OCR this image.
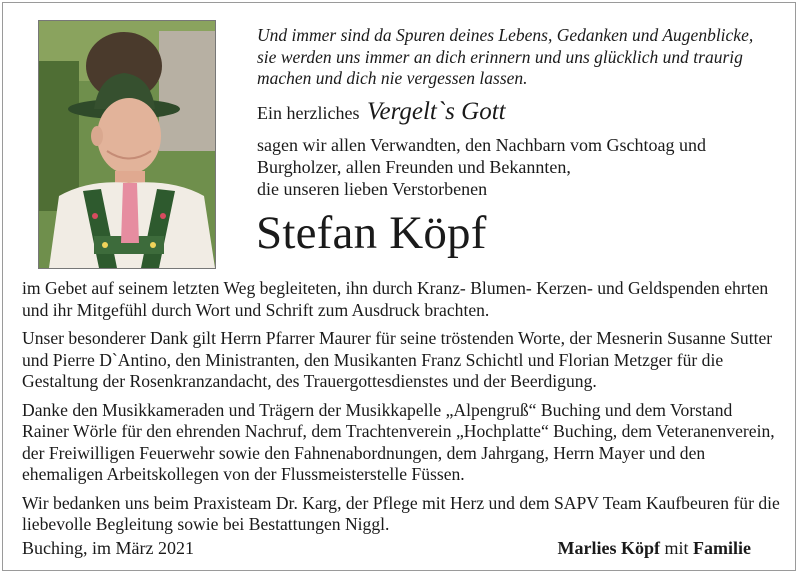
Und immer sind da Spuren deines Lebens, Gedanken und Augenblicke, sie werden uns immer an dich erinnern und uns glücklich und traurig machen und dich nie vergessen lassen.

Ein herzliches Vergelt`s Gott
sagen wir allen Verwandten, den Nachbarn vom Gschtoag und
Burgholzer, allen Freunden und Bekannten,
die unseren lieben Verstorbenen
Stefan Köpf

im Gebet auf seinem letzten Weg begleiteten, ihn durch Kranz- Blumen- Kerzen- und Geldspenden ehrten und ihr Mitgefühl durch Wort und Schrift zum Ausdruck brachten.

Unser besonderer Dank gilt Herrn Pfarrer Maurer für seine tröstenden Worte, der Mesnerin Susanne Sutter und Pierre D`Antino, den Ministranten, den Musikanten Franz Schichtl und Florian Metzger für die Gestaltung der Rosenkranzandacht, des Trauergottesdienstes und der Beerdigung.

Danke den Musikkameraden und Trägern der Musikkapelle „Alpengruß“ Buching und dem Vorstand Rainer Wörle für den ehrenden Nachruf, dem Trachtenverein „Hochplatte“ Buching, dem Veteranenverein, der Freiwilligen Feuerwehr sowie den Fahnenabordnungen, dem Jahrgang, Herrn Mayer und den ehemaligen Arbeitskollegen von der Flussmeisterstelle Füssen.

Wir bedanken uns beim Praxisteam Dr. Karg, der Pflege mit Herz und dem SAPV Team Kaufbeuren für die liebevolle Begleitung sowie bei Bestattungen Niggl.

Buching, im März 2021	Marlies Köpf mit Familie
